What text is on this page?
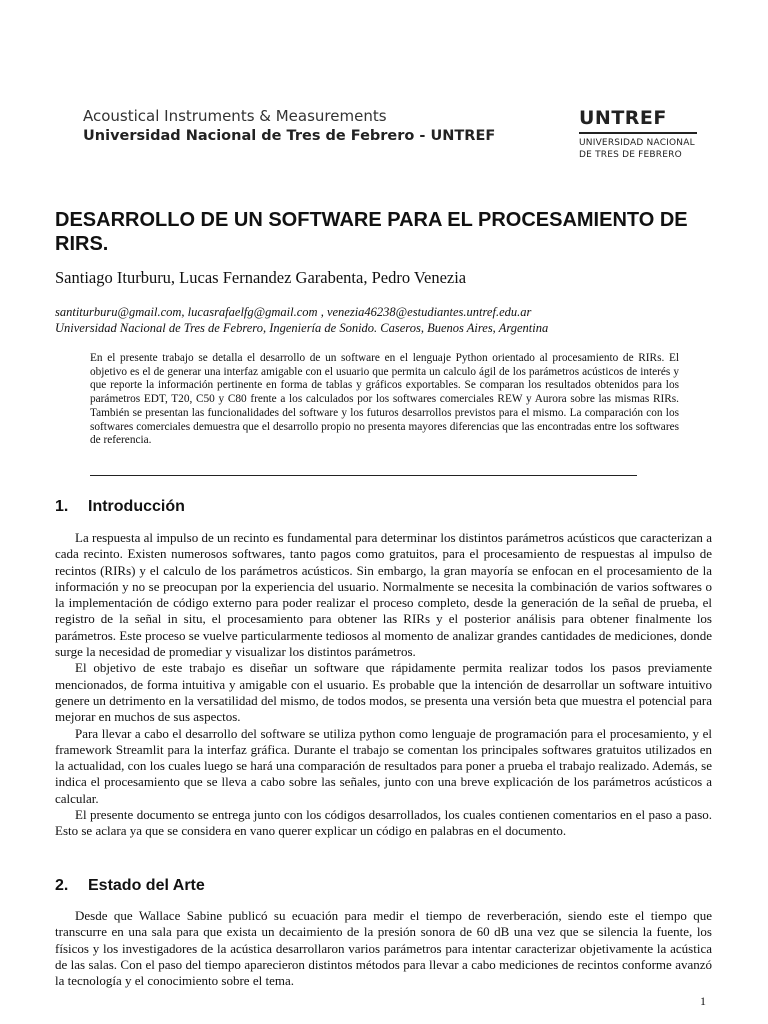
Acoustical Instruments & Measurements
Universidad Nacional de Tres de Febrero - UNTREF
UNTREF
UNIVERSIDAD NACIONAL
DE TRES DE FEBRERO
DESARROLLO DE UN SOFTWARE PARA EL PROCESAMIENTO DE RIRS.
Santiago Iturburu, Lucas Fernandez Garabenta, Pedro Venezia
santiturburu@gmail.com, lucasrafaelfg@gmail.com , venezia46238@estudiantes.untref.edu.ar
Universidad Nacional de Tres de Febrero, Ingeniería de Sonido. Caseros, Buenos Aires, Argentina
En el presente trabajo se detalla el desarrollo de un software en el lenguaje Python orientado al procesamiento de RIRs. El objetivo es el de generar una interfaz amigable con el usuario que permita un calculo ágil de los parámetros acústicos de interés y que reporte la información pertinente en forma de tablas y gráficos exportables. Se comparan los resultados obtenidos para los parámetros EDT, T20, C50 y C80 frente a los calculados por los softwares comerciales REW y Aurora sobre las mismas RIRs. También se presentan las funcionalidades del software y los futuros desarrollos previstos para el mismo. La comparación con los softwares comerciales demuestra que el desarrollo propio no presenta mayores diferencias que las encontradas entre los softwares de referencia.
1. Introducción

La respuesta al impulso de un recinto es fundamental para determinar los distintos parámetros acústicos que caracterizan a cada recinto. Existen numerosos softwares, tanto pagos como gratuitos, para el procesamiento de respuestas al impulso de recintos (RIRs) y el calculo de los parámetros acústicos. Sin embargo, la gran mayoría se enfocan en el procesamiento de la información y no se preocupan por la experiencia del usuario. Normalmente se necesita la combinación de varios softwares o la implementación de código externo para poder realizar el proceso completo, desde la generación de la señal de prueba, el registro de la señal in situ, el procesamiento para obtener las RIRs y el posterior análisis para obtener finalmente los parámetros. Este proceso se vuelve particularmente tediosos al momento de analizar grandes cantidades de mediciones, donde surge la necesidad de promediar y visualizar los distintos parámetros.

El objetivo de este trabajo es diseñar un software que rápidamente permita realizar todos los pasos previamente mencionados, de forma intuitiva y amigable con el usuario. Es probable que la intención de desarrollar un software intuitivo genere un detrimento en la versatilidad del mismo, de todos modos, se presenta una versión beta que muestra el potencial para mejorar en muchos de sus aspectos.

Para llevar a cabo el desarrollo del software se utiliza python como lenguaje de programación para el procesamiento, y el framework Streamlit para la interfaz gráfica. Durante el trabajo se comentan los principales softwares gratuitos utilizados en la actualidad, con los cuales luego se hará una comparación de resultados para poner a prueba el trabajo realizado. Además, se indica el procesamiento que se lleva a cabo sobre las señales, junto con una breve explicación de los parámetros acústicos a calcular.

El presente documento se entrega junto con los códigos desarrollados, los cuales contienen comentarios en el paso a paso. Esto se aclara ya que se considera en vano querer explicar un código en palabras en el documento.

2. Estado del Arte

Desde que Wallace Sabine publicó su ecuación para medir el tiempo de reverberación, siendo este el tiempo que transcurre en una sala para que exista un decaimiento de la presión sonora de 60 dB una vez que se silencia la fuente, los físicos y los investigadores de la acústica desarrollaron varios parámetros para intentar caracterizar objetivamente la acústica de las salas. Con el paso del tiempo aparecieron distintos métodos para llevar a cabo mediciones de recintos conforme avanzó la tecnología y el conocimiento sobre el tema.

1
